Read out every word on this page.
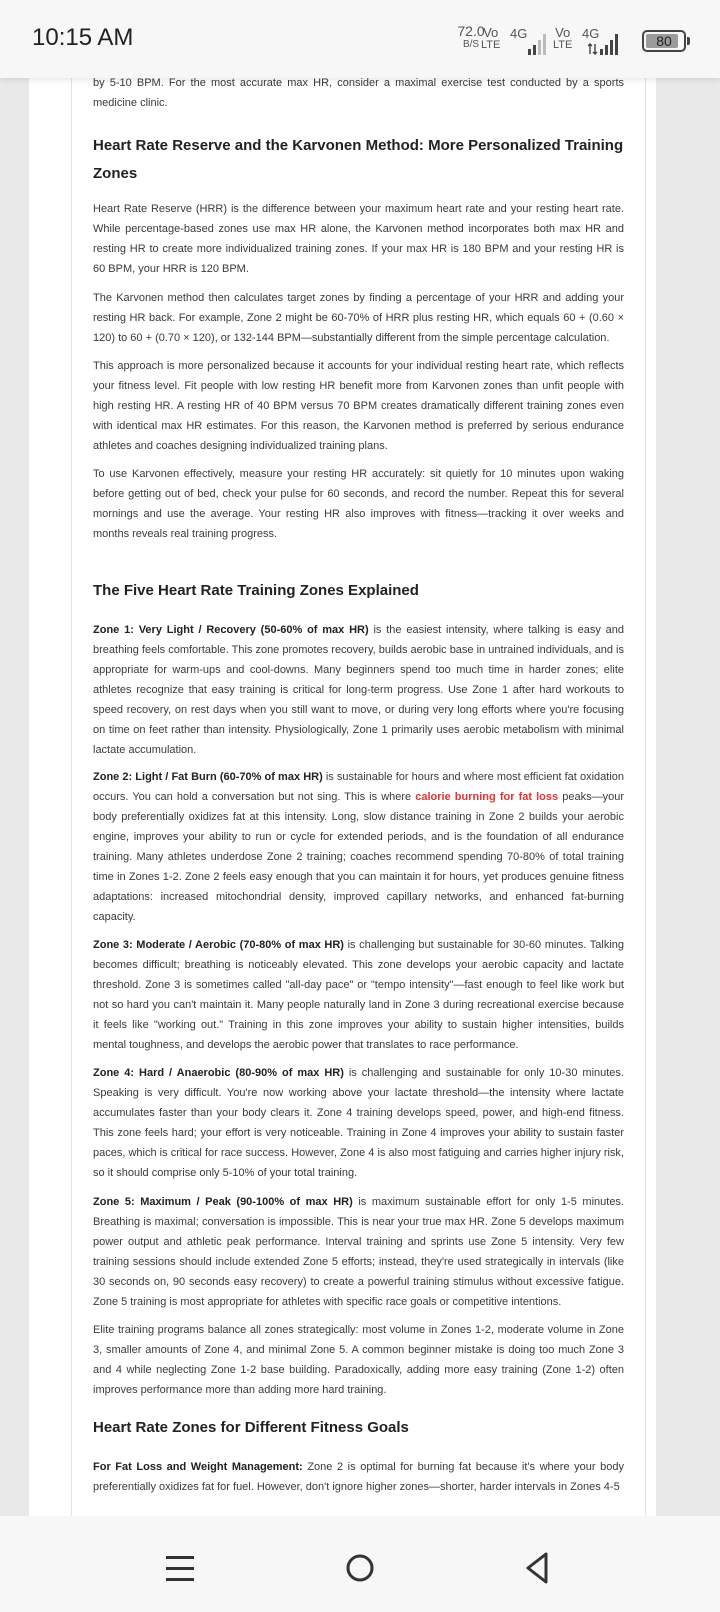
10:15 AM	72.0
B/S
Vo
LTE
4G Vo
LTE
4G	80

by 5-10 BPM. For the most accurate max HR, consider a maximal exercise test conducted by a sports medicine clinic.

Heart Rate Reserve and the Karvonen Method: More Personalized Training Zones

Heart Rate Reserve (HRR) is the difference between your maximum heart rate and your resting heart rate. While percentage-based zones use max HR alone, the Karvonen method incorporates both max HR and resting HR to create more individualized training zones. If your max HR is 180 BPM and your resting HR is 60 BPM, your HRR is 120 BPM.

The Karvonen method then calculates target zones by finding a percentage of your HRR and adding your resting HR back. For example, Zone 2 might be 60-70% of HRR plus resting HR, which equals 60 + (0.60 × 120) to 60 + (0.70 × 120), or 132-144 BPM—substantially different from the simple percentage calculation.

This approach is more personalized because it accounts for your individual resting heart rate, which reflects your fitness level. Fit people with low resting HR benefit more from Karvonen zones than unfit people with high resting HR. A resting HR of 40 BPM versus 70 BPM creates dramatically different training zones even with identical max HR estimates. For this reason, the Karvonen method is preferred by serious endurance athletes and coaches designing individualized training plans.

To use Karvonen effectively, measure your resting HR accurately: sit quietly for 10 minutes upon waking before getting out of bed, check your pulse for 60 seconds, and record the number. Repeat this for several mornings and use the average. Your resting HR also improves with fitness—tracking it over weeks and months reveals real training progress.

The Five Heart Rate Training Zones Explained

Zone 1: Very Light / Recovery (50-60% of max HR) is the easiest intensity, where talking is easy and breathing feels comfortable. This zone promotes recovery, builds aerobic base in untrained individuals, and is appropriate for warm-ups and cool-downs. Many beginners spend too much time in harder zones; elite athletes recognize that easy training is critical for long-term progress. Use Zone 1 after hard workouts to speed recovery, on rest days when you still want to move, or during very long efforts where you're focusing on time on feet rather than intensity. Physiologically, Zone 1 primarily uses aerobic metabolism with minimal lactate accumulation.

Zone 2: Light / Fat Burn (60-70% of max HR) is sustainable for hours and where most efficient fat oxidation occurs. You can hold a conversation but not sing. This is where calorie burning for fat loss peaks—your body preferentially oxidizes fat at this intensity. Long, slow distance training in Zone 2 builds your aerobic engine, improves your ability to run or cycle for extended periods, and is the foundation of all endurance training. Many athletes underdose Zone 2 training; coaches recommend spending 70-80% of total training time in Zones 1-2. Zone 2 feels easy enough that you can maintain it for hours, yet produces genuine fitness adaptations: increased mitochondrial density, improved capillary networks, and enhanced fat-burning capacity.

Zone 3: Moderate / Aerobic (70-80% of max HR) is challenging but sustainable for 30-60 minutes. Talking becomes difficult; breathing is noticeably elevated. This zone develops your aerobic capacity and lactate threshold. Zone 3 is sometimes called "all-day pace" or "tempo intensity"—fast enough to feel like work but not so hard you can't maintain it. Many people naturally land in Zone 3 during recreational exercise because it feels like "working out." Training in this zone improves your ability to sustain higher intensities, builds mental toughness, and develops the aerobic power that translates to race performance.

Zone 4: Hard / Anaerobic (80-90% of max HR) is challenging and sustainable for only 10-30 minutes. Speaking is very difficult. You're now working above your lactate threshold—the intensity where lactate accumulates faster than your body clears it. Zone 4 training develops speed, power, and high-end fitness. This zone feels hard; your effort is very noticeable. Training in Zone 4 improves your ability to sustain faster paces, which is critical for race success. However, Zone 4 is also most fatiguing and carries higher injury risk, so it should comprise only 5-10% of your total training.

Zone 5: Maximum / Peak (90-100% of max HR) is maximum sustainable effort for only 1-5 minutes. Breathing is maximal; conversation is impossible. This is near your true max HR. Zone 5 develops maximum power output and athletic peak performance. Interval training and sprints use Zone 5 intensity. Very few training sessions should include extended Zone 5 efforts; instead, they're used strategically in intervals (like 30 seconds on, 90 seconds easy recovery) to create a powerful training stimulus without excessive fatigue. Zone 5 training is most appropriate for athletes with specific race goals or competitive intentions.

Elite training programs balance all zones strategically: most volume in Zones 1-2, moderate volume in Zone 3, smaller amounts of Zone 4, and minimal Zone 5. A common beginner mistake is doing too much Zone 3 and 4 while neglecting Zone 1-2 base building. Paradoxically, adding more easy training (Zone 1-2) often improves performance more than adding more hard training.

Heart Rate Zones for Different Fitness Goals

For Fat Loss and Weight Management: Zone 2 is optimal for burning fat because it's where your body preferentially oxidizes fat for fuel. However, don't ignore higher zones—shorter, harder intervals in Zones 4-5
